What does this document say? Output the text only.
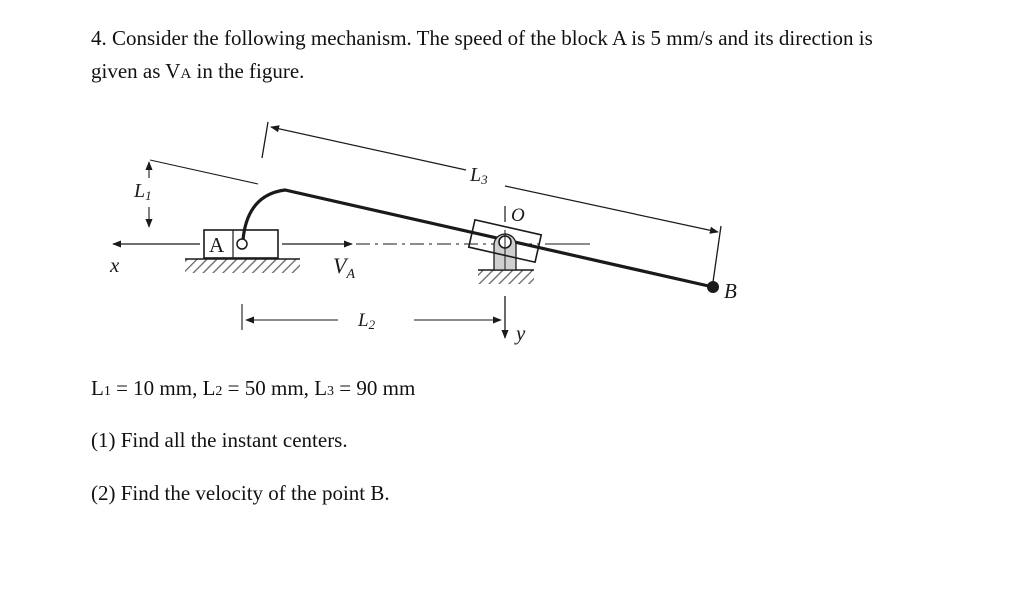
4. Consider the following mechanism. The speed of the block A is 5 mm/s and its direction is
given as VA in the figure.
L1
x
A
$V_A$
L3
O
B
L2	y
L1 = 10 mm, L2 = 50 mm, L3 = 90 mm
(1) Find all the instant centers.
(2) Find the velocity of the point B.
